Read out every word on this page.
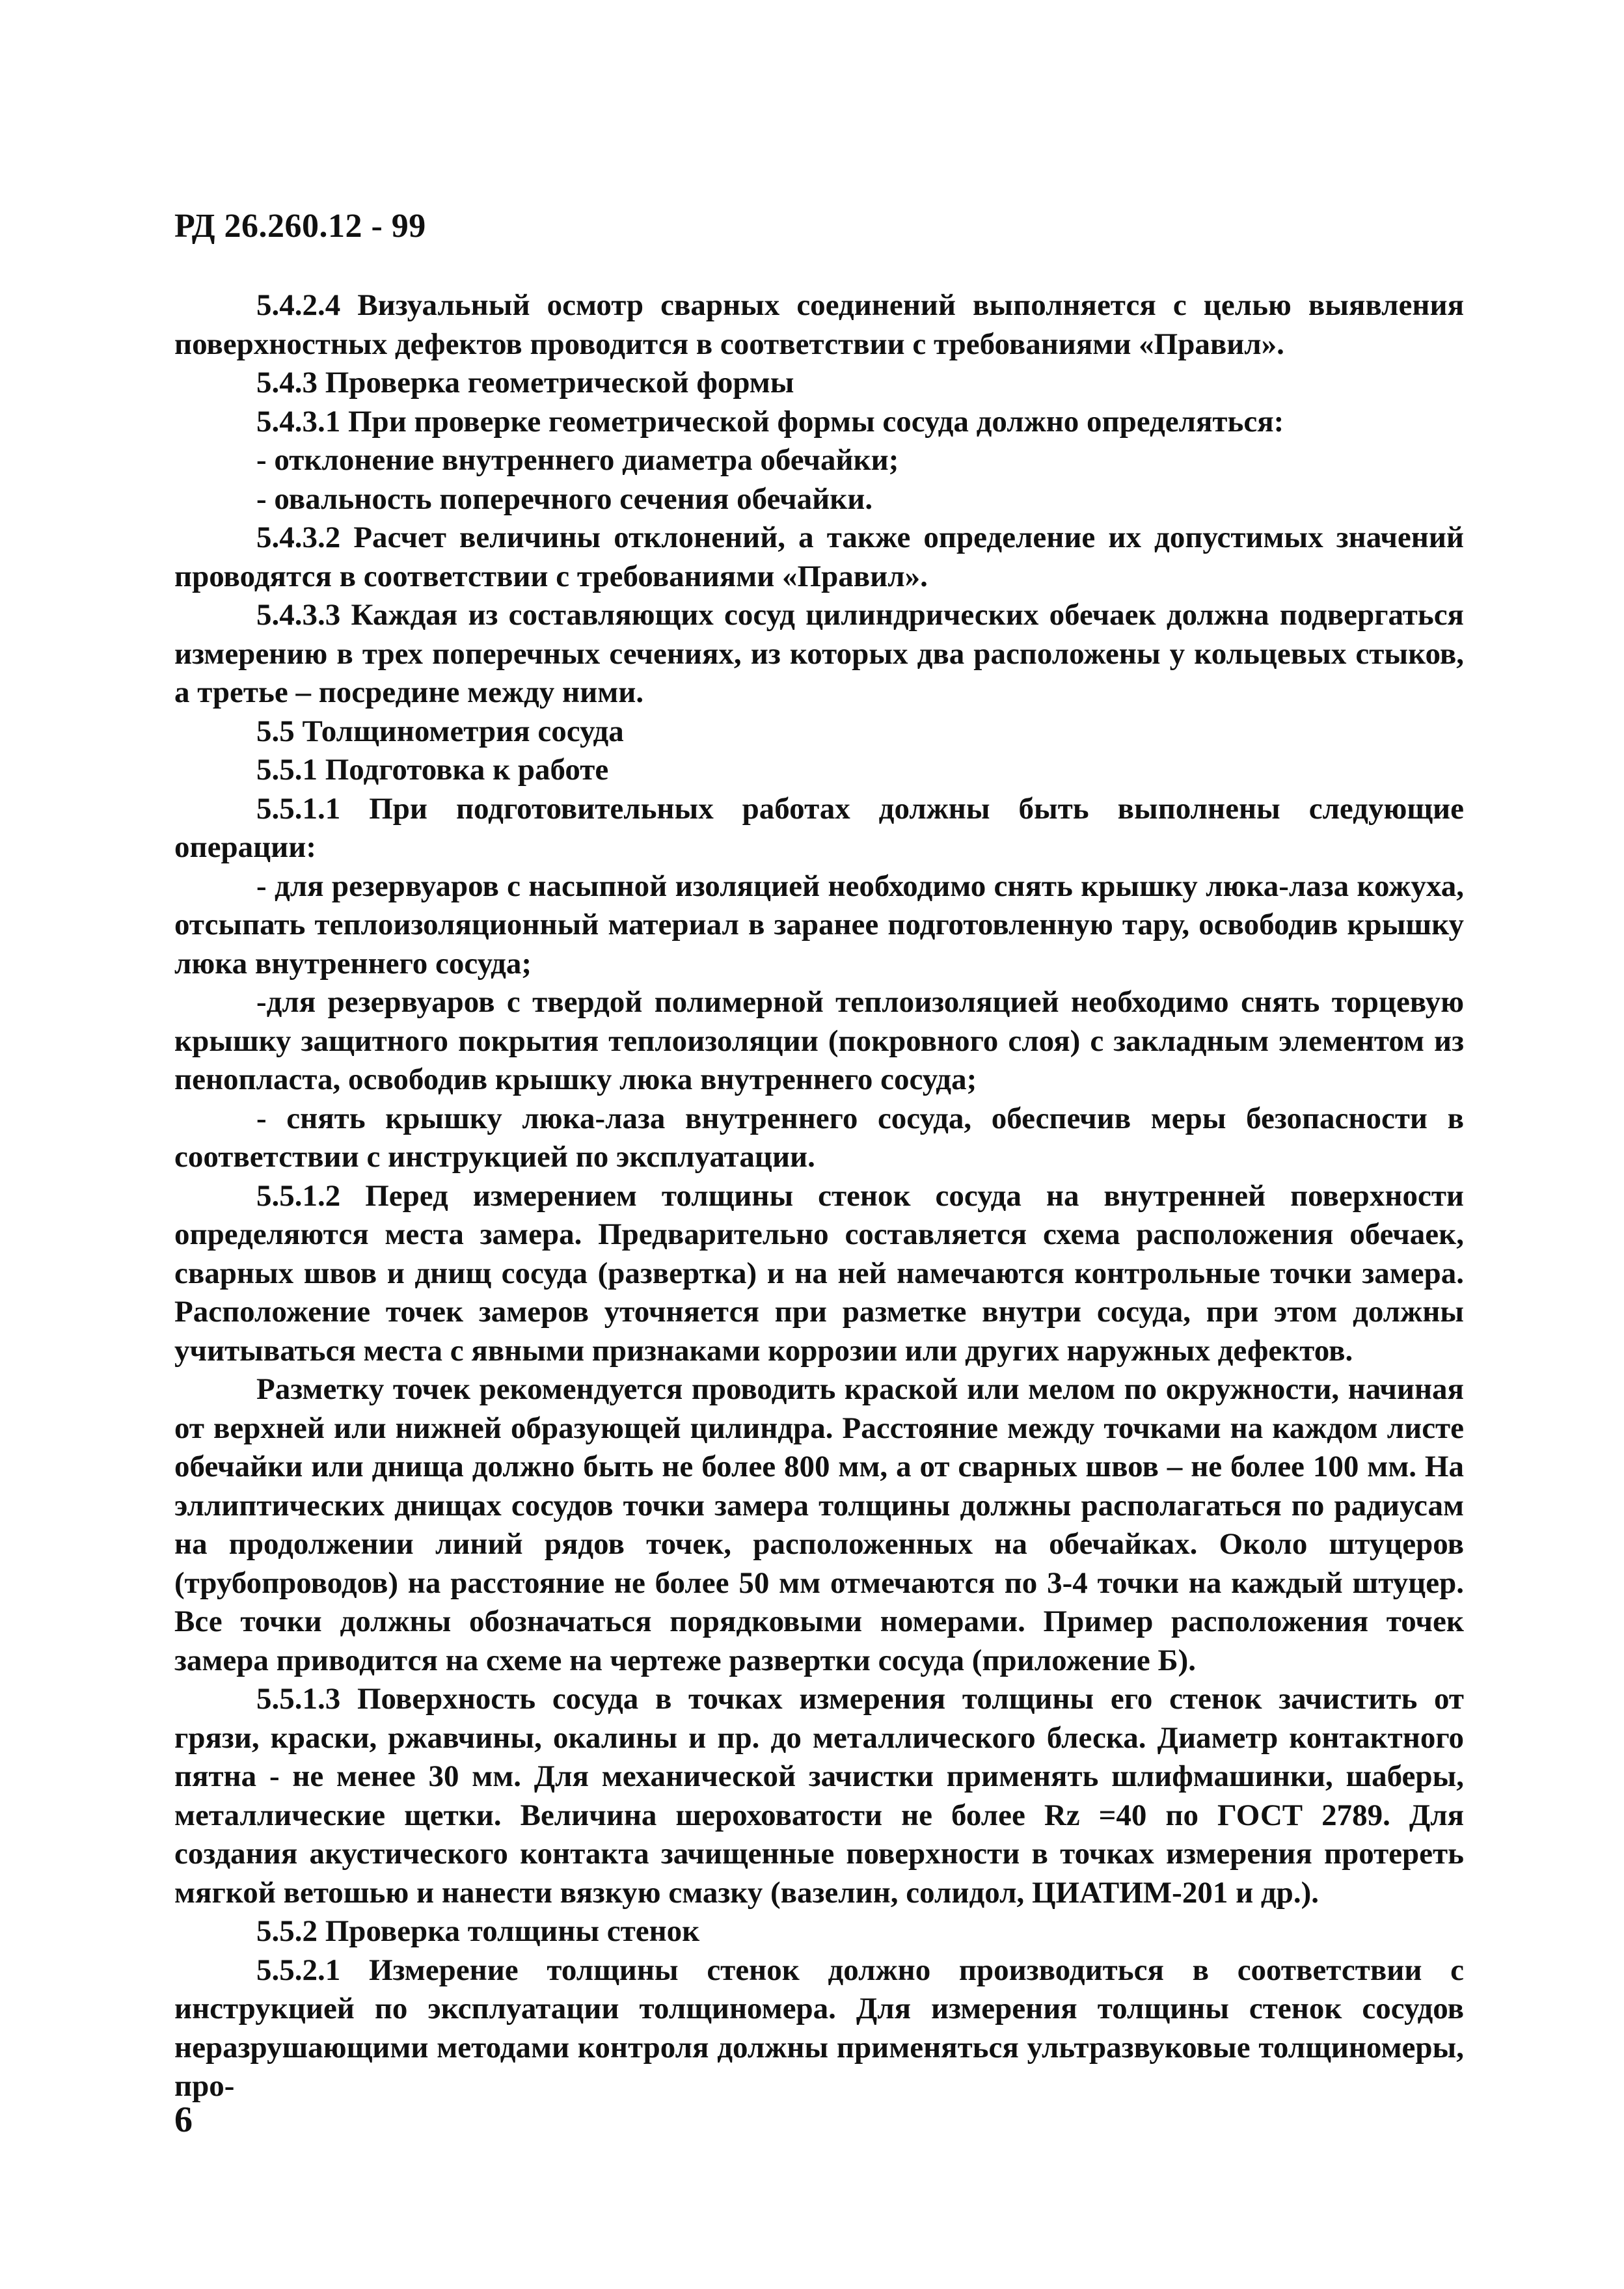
РД 26.260.12 - 99

5.4.2.4 Визуальный осмотр сварных соединений выполняется с целью выявления поверхностных дефектов проводится в соответствии с требованиями «Правил».

5.4.3 Проверка геометрической формы

5.4.3.1 При проверке геометрической формы сосуда должно определяться:

- отклонение внутреннего диаметра обечайки;

- овальность поперечного сечения обечайки.

5.4.3.2 Расчет величины отклонений, а также определение их допустимых значений проводятся в соответствии с требованиями «Правил».

5.4.3.3 Каждая из составляющих сосуд цилиндрических обечаек должна подвергаться измерению в трех поперечных сечениях, из которых два расположены у кольцевых стыков, а третье – посредине между ними.

5.5 Толщинометрия сосуда

5.5.1 Подготовка к работе

5.5.1.1 При подготовительных работах должны быть выполнены следующие операции:

- для резервуаров с насыпной изоляцией необходимо снять крышку люка-лаза кожуха, отсыпать теплоизоляционный материал в заранее подготовленную тару, освободив крышку люка внутреннего сосуда;

-для резервуаров с твердой полимерной теплоизоляцией необходимо снять торцевую крышку защитного покрытия теплоизоляции (покровного слоя) с закладным элементом из пенопласта, освободив крышку люка внутреннего сосуда;

- снять крышку люка-лаза внутреннего сосуда, обеспечив меры безопасности в соответствии с инструкцией по эксплуатации.

5.5.1.2 Перед измерением толщины стенок сосуда на внутренней поверхности определяются места замера. Предварительно составляется схема расположения обечаек, сварных швов и днищ сосуда (развертка) и на ней намечаются контрольные точки замера. Расположение точек замеров уточняется при разметке внутри сосуда, при этом должны учитываться места с явными признаками коррозии или других наружных дефектов.

Разметку точек рекомендуется проводить краской или мелом по окружности, начиная от верхней или нижней образующей цилиндра. Расстояние между точками на каждом листе обечайки или днища должно быть не более 800 мм, а от сварных швов – не более 100 мм. На эллиптических днищах сосудов точки замера толщины должны располагаться по радиусам на продолжении линий рядов точек, расположенных на обечайках. Около штуцеров (трубопроводов) на расстояние не более 50 мм отмечаются по 3-4 точки на каждый штуцер. Все точки должны обозначаться порядковыми номерами. Пример расположения точек замера приводится на схеме на чертеже развертки сосуда (приложение Б).

5.5.1.3 Поверхность сосуда в точках измерения толщины его стенок зачистить от грязи, краски, ржавчины, окалины и пр. до металлического блеска. Диаметр контактного пятна - не менее 30 мм. Для механической зачистки применять шлифмашинки, шаберы, металлические щетки. Величина шероховатости не более Rz =40 по ГОСТ 2789. Для создания акустического контакта зачищенные поверхности в точках измерения протереть мягкой ветошью и нанести вязкую смазку (вазелин, солидол, ЦИАТИМ-201 и др.).

5.5.2 Проверка толщины стенок

5.5.2.1 Измерение толщины стенок должно производиться в соответствии с инструкцией по эксплуатации толщиномера. Для измерения толщины стенок сосудов неразрушающими методами контроля должны применяться ультразвуковые толщиномеры, про-

6
